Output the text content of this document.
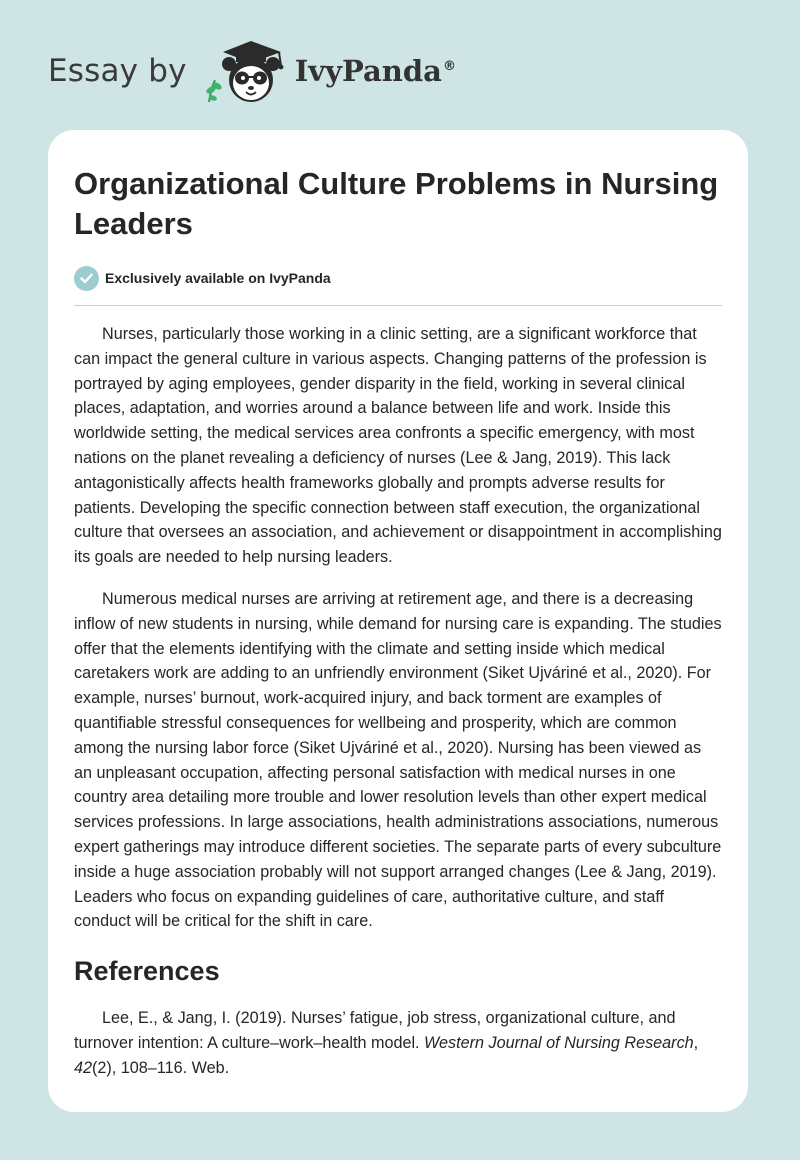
Essay by	IvyPanda®
Organizational Culture Problems in Nursing Leaders
Exclusively available on IvyPanda

Nurses, particularly those working in a clinic setting, are a significant workforce that can impact the general culture in various aspects. Changing patterns of the profession is portrayed by aging employees, gender disparity in the field, working in several clinical places, adaptation, and worries around a balance between life and work. Inside this worldwide setting, the medical services area confronts a specific emergency, with most nations on the planet revealing a deficiency of nurses (Lee & Jang, 2019). This lack antagonistically affects health frameworks globally and prompts adverse results for patients. Developing the specific connection between staff execution, the organizational culture that oversees an association, and achievement or disappointment in accomplishing its goals are needed to help nursing leaders.

Numerous medical nurses are arriving at retirement age, and there is a decreasing inflow of new students in nursing, while demand for nursing care is expanding. The studies offer that the elements identifying with the climate and setting inside which medical caretakers work are adding to an unfriendly environment (Siket Ujváriné et al., 2020). For example, nurses’ burnout, work-acquired injury, and back torment are examples of quantifiable stressful consequences for wellbeing and prosperity, which are common among the nursing labor force (Siket Ujváriné et al., 2020). Nursing has been viewed as an unpleasant occupation, affecting personal satisfaction with medical nurses in one country area detailing more trouble and lower resolution levels than other expert medical services professions. In large associations, health administrations associations, numerous expert gatherings may introduce different societies. The separate parts of every subculture inside a huge association probably will not support arranged changes (Lee & Jang, 2019). Leaders who focus on expanding guidelines of care, authoritative culture, and staff conduct will be critical for the shift in care.

References

Lee, E., & Jang, I. (2019). Nurses’ fatigue, job stress, organizational culture, and turnover intention: A culture–work–health model. Western Journal of Nursing Research, 42(2), 108–116. Web.
